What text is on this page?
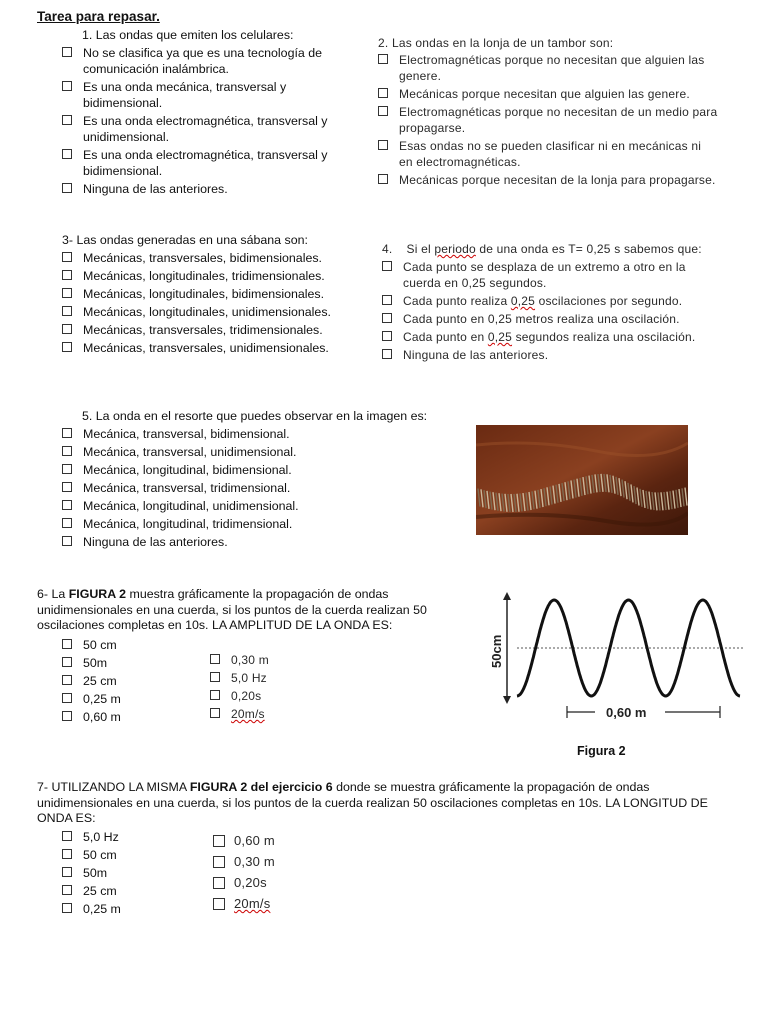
Tarea para repasar.
1. Las ondas que emiten los celulares:
No se clasifica ya que es una tecnología de comunicación inalámbrica.
Es una onda mecánica, transversal y bidimensional.
Es una onda electromagnética, transversal y unidimensional.
Es una onda electromagnética, transversal y bidimensional.
Ninguna de las anteriores.
2. Las ondas en la lonja de un tambor son:
Electromagnéticas porque no necesitan que alguien las genere.
Mecánicas porque necesitan que alguien las genere.
Electromagnéticas porque no necesitan de un medio para propagarse.
Esas ondas no se pueden clasificar ni en mecánicas ni en electromagnéticas.
Mecánicas porque necesitan de la lonja para propagarse.
3- Las ondas generadas en una sábana son:
Mecánicas, transversales, bidimensionales.
Mecánicas, longitudinales, tridimensionales.
Mecánicas, longitudinales, bidimensionales.
Mecánicas, longitudinales, unidimensionales.
Mecánicas, transversales, tridimensionales.
Mecánicas, transversales, unidimensionales.
4.    Si el periodo de una onda es T= 0,25 s sabemos que:
Cada punto se desplaza de un extremo a otro en la cuerda en 0,25 segundos.
Cada punto realiza 0,25 oscilaciones por segundo.
Cada punto en 0,25 metros realiza una oscilación.
Cada punto en 0,25 segundos realiza una oscilación.
Ninguna de las anteriores.
5. La onda en el resorte que puedes observar en la imagen es:
Mecánica, transversal, bidimensional.
Mecánica, transversal, unidimensional.
Mecánica, longitudinal, bidimensional.
Mecánica, transversal, tridimensional.
Mecánica, longitudinal, unidimensional.
Mecánica, longitudinal, tridimensional.
Ninguna de las anteriores.
6- La FIGURA 2 muestra gráficamente la propagación de ondas unidimensionales en una cuerda, si los puntos de la cuerda realizan 50 oscilaciones completas en 10s. LA AMPLITUD DE LA ONDA ES:
50 cm
50m
25 cm
0,25 m
0,60 m
0,30 m
5,0 Hz
0,20s
20m/s
50cm
0,60 m
Figura 2
7- UTILIZANDO LA MISMA FIGURA 2 del ejercicio 6 donde se muestra gráficamente la propagación de ondas unidimensionales en una cuerda, si los puntos de la cuerda realizan 50 oscilaciones completas en 10s. LA LONGITUD DE ONDA ES:
5,0 Hz
50 cm
50m
25 cm
0,25 m
0,60 m
0,30 m
0,20s
20m/s
